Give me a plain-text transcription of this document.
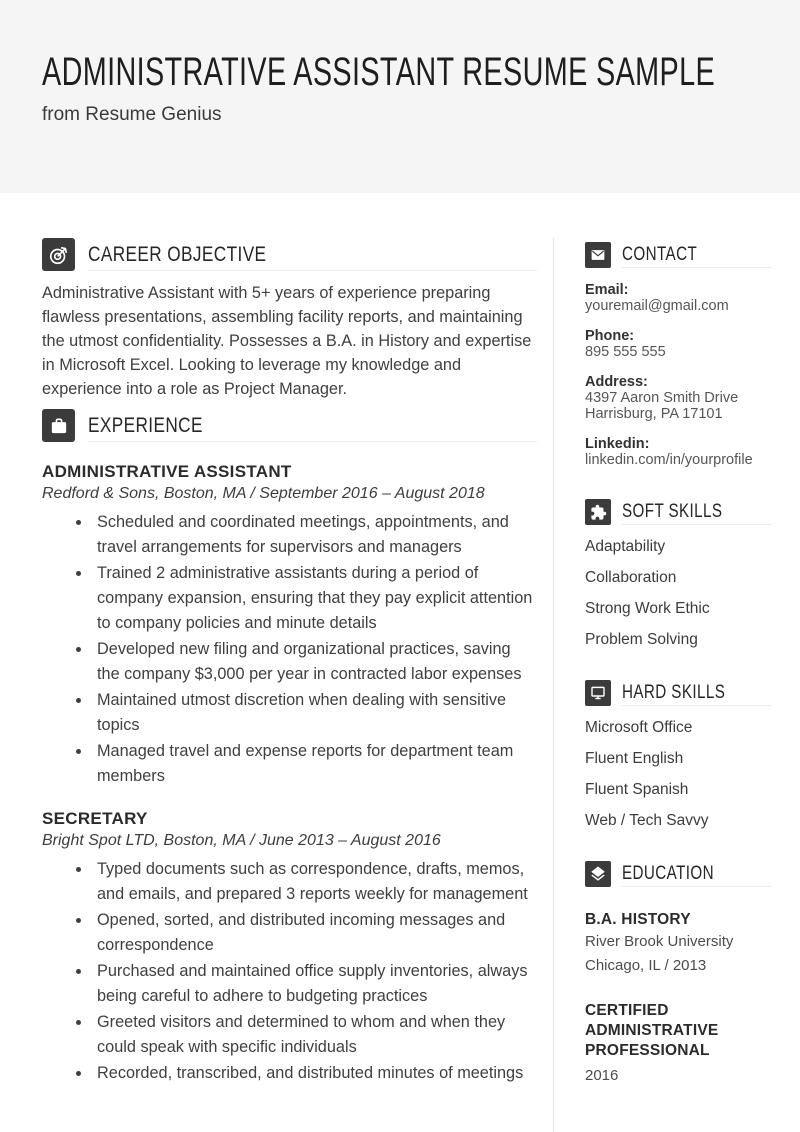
ADMINISTRATIVE ASSISTANT RESUME SAMPLE
from Resume Genius
CAREER OBJECTIVE

Administrative Assistant with 5+ years of experience preparing flawless presentations, assembling facility reports, and maintaining the utmost confidentiality. Possesses a B.A. in History and expertise in Microsoft Excel. Looking to leverage my knowledge and experience into a role as Project Manager.

EXPERIENCE
ADMINISTRATIVE ASSISTANT
Redford & Sons, Boston, MA / September 2016 – August 2018
• Scheduled and coordinated meetings, appointments, and travel arrangements for supervisors and managers
• Trained 2 administrative assistants during a period of company expansion, ensuring that they pay explicit attention to company policies and minute details
• Developed new filing and organizational practices, saving the company $3,000 per year in contracted labor expenses
• Maintained utmost discretion when dealing with sensitive topics
• Managed travel and expense reports for department team members
SECRETARY
Bright Spot LTD, Boston, MA / June 2013 – August 2016
• Typed documents such as correspondence, drafts, memos, and emails, and prepared 3 reports weekly for management
• Opened, sorted, and distributed incoming messages and correspondence
• Purchased and maintained office supply inventories, always being careful to adhere to budgeting practices
• Greeted visitors and determined to whom and when they could speak with specific individuals
• Recorded, transcribed, and distributed minutes of meetings
CONTACT
Email:
youremail@gmail.com
Phone:
895 555 555
Address:
4397 Aaron Smith Drive
Harrisburg, PA 17101
Linkedin:
linkedin.com/in/yourprofile
SOFT SKILLS
Adaptability
Collaboration
Strong Work Ethic
Problem Solving
HARD SKILLS
Microsoft Office
Fluent English
Fluent Spanish
Web / Tech Savvy
EDUCATION
B.A. HISTORY
River Brook University
Chicago, IL / 2013
CERTIFIED ADMINISTRATIVE PROFESSIONAL
2016
